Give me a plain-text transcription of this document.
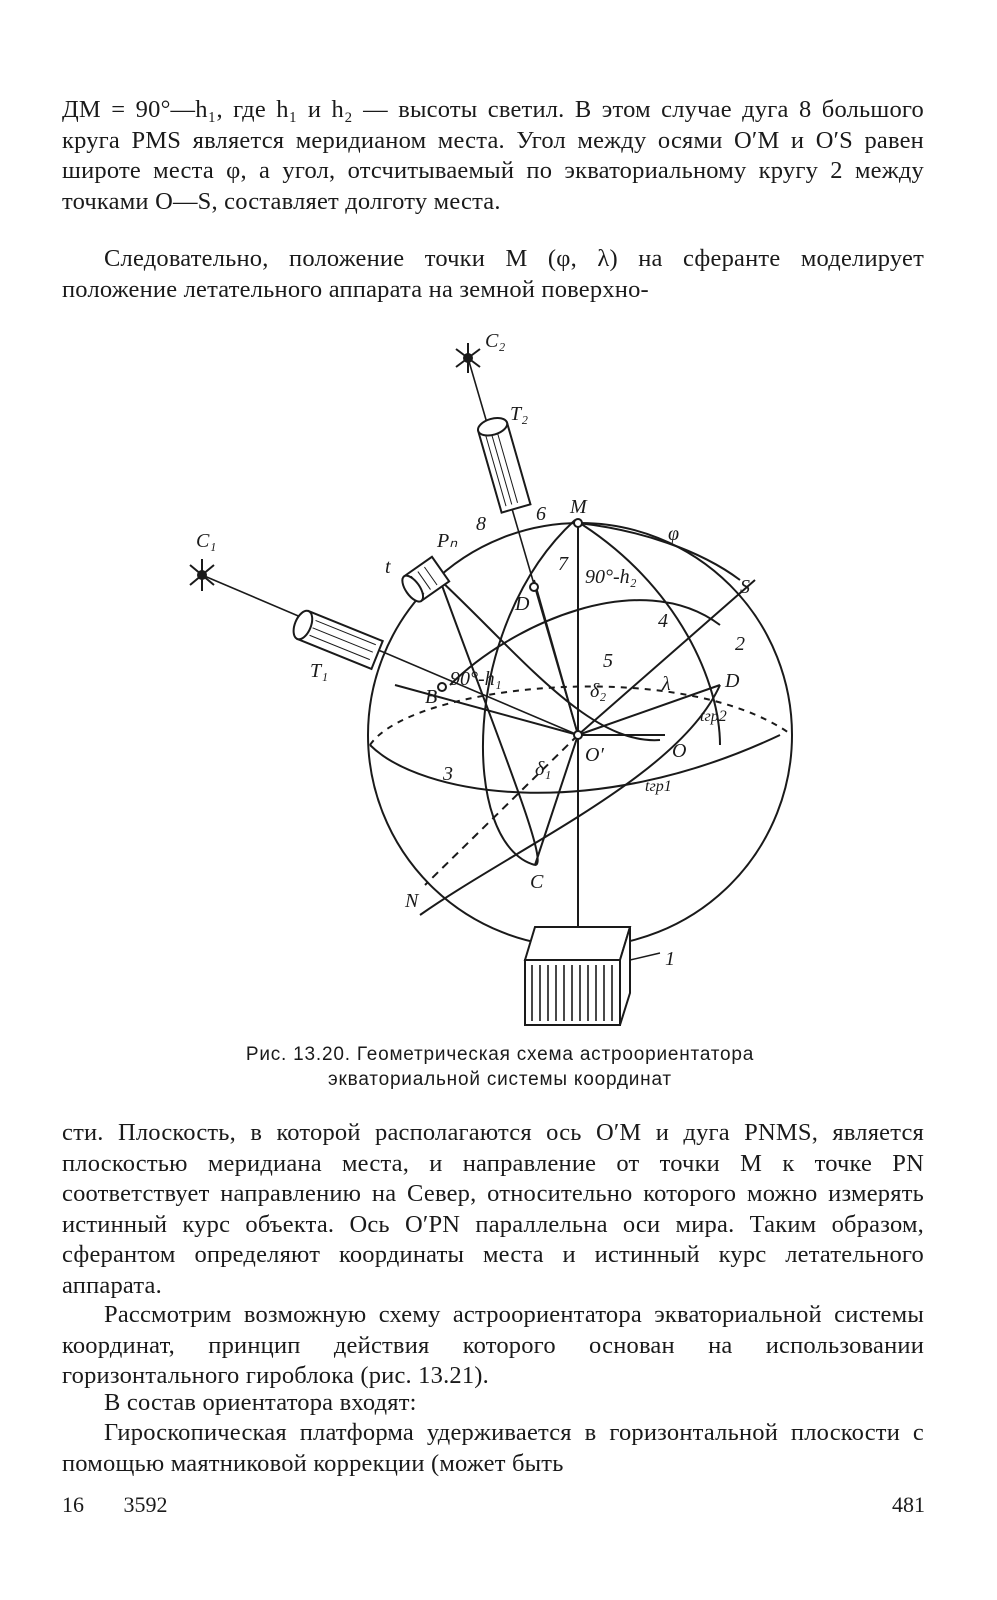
ДМ = 90°—h₁, где h₁ и h₂ — высоты светил. В этом случае дуга 8 большого круга PMS является меридианом места. Угол между осями O′M и O′S равен широте места φ, а угол, отсчитываемый по экваториальному кругу 2 между точками O—S, составляет долготу места.

Следовательно, положение точки M (φ, λ) на сферанте моделирует положение летательного аппарата на земной поверхно-

C₂
C₁
T₂
T₁
t
Pₙ
M
S
D
D
B
C
N
O
O′
φ
λ
δ₁
δ₂
90°-h₁
90°-h₂
tгр1
tгр2
1
2
3
4
5
6
7
8
Рис. 13.20. Геометрическая схема астроориентатора
экваториальной системы координат

сти. Плоскость, в которой располагаются ось O′M и дуга PNMS, является плоскостью меридиана места, и направление от точки M к точке PN соответствует направлению на Север, относительно которого можно измерять истинный курс объекта. Ось O′PN параллельна оси мира. Таким образом, сферантом определяют координаты места и истинный курс летательного аппарата.

Рассмотрим возможную схему астроориентатора экваториальной системы координат, принцип действия которого основан на использовании горизонтального гироблока (рис. 13.21).

В состав ориентатора входят:

Гироскопическая платформа удерживается в горизонтальной плоскости с помощью маятниковой коррекции (может быть

16 3592	481
